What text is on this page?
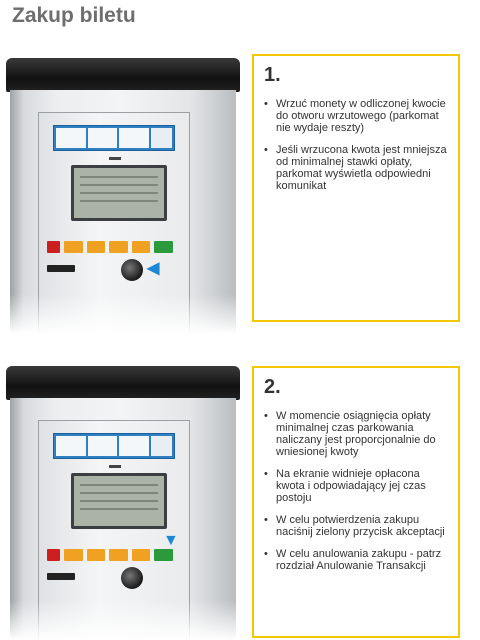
Zakup biletu
◀
1.
• Wrzuć monety w odliczonej kwocie do otworu wrzutowego (parkomat nie wydaje reszty)
• Jeśli wrzucona kwota jest mniejsza od minimalnej stawki opłaty, parkomat wyświetla odpowiedni komunikat
▼
2.
• W momencie osiągnięcia opłaty minimalnej czas parkowania naliczany jest proporcjonalnie do wniesionej kwoty
• Na ekranie widnieje opłacona kwota i odpowiadający jej czas postoju
• W celu potwierdzenia zakupu naciśnij zielony przycisk akceptacji
• W celu anulowania zakupu - patrz rozdział Anulowanie Transakcji
